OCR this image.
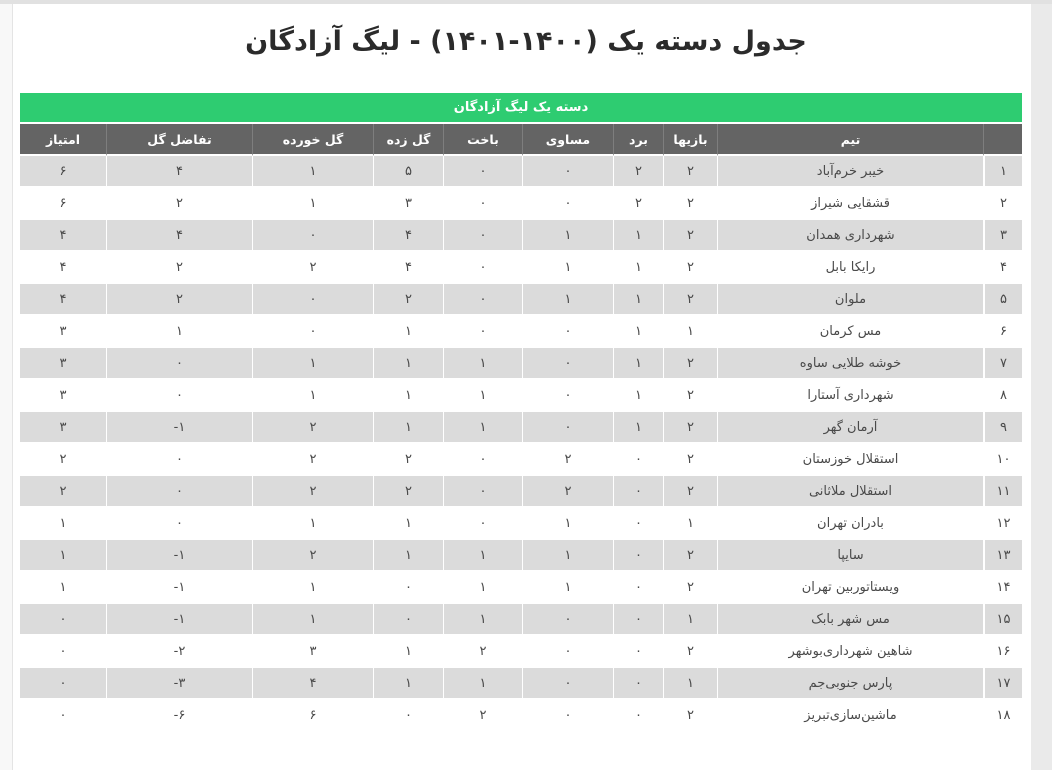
جدول دسته یک (۱۴۰۰-۱۴۰۱) - لیگ آزادگان
دسته یک لیگ آزادگان
	تیم	بازیها	برد	مساوی	باخت	گل زده	گل خورده	تفاضل گل	امتیاز
۱	خیبر خرم‌آباد	۲	۲	۰	۰	۵	۱	۴	۶
۲	قشقایی شیراز	۲	۲	۰	۰	۳	۱	۲	۶
۳	شهرداری همدان	۲	۱	۱	۰	۴	۰	۴	۴
۴	رایکا بابل	۲	۱	۱	۰	۴	۲	۲	۴
۵	ملوان	۲	۱	۱	۰	۲	۰	۲	۴
۶	مس کرمان	۱	۱	۰	۰	۱	۰	۱	۳
۷	خوشه طلایی ساوه	۲	۱	۰	۱	۱	۱	۰	۳
۸	شهرداری آستارا	۲	۱	۰	۱	۱	۱	۰	۳
۹	آرمان گهر	۲	۱	۰	۱	۱	۲	-۱	۳
۱۰	استقلال خوزستان	۲	۰	۲	۰	۲	۲	۰	۲
۱۱	استقلال ملاثانی	۲	۰	۲	۰	۲	۲	۰	۲
۱۲	بادران تهران	۱	۰	۱	۰	۱	۱	۰	۱
۱۳	سایپا	۲	۰	۱	۱	۱	۲	-۱	۱
۱۴	ویستاتوربین تهران	۲	۰	۱	۱	۰	۱	-۱	۱
۱۵	مس شهر بابک	۱	۰	۰	۱	۰	۱	-۱	۰
۱۶	شاهین شهرداری‌بوشهر	۲	۰	۰	۲	۱	۳	-۲	۰
۱۷	پارس جنوبی‌جم	۱	۰	۰	۱	۱	۴	-۳	۰
۱۸	ماشین‌سازی‌تبریز	۲	۰	۰	۲	۰	۶	-۶	۰
